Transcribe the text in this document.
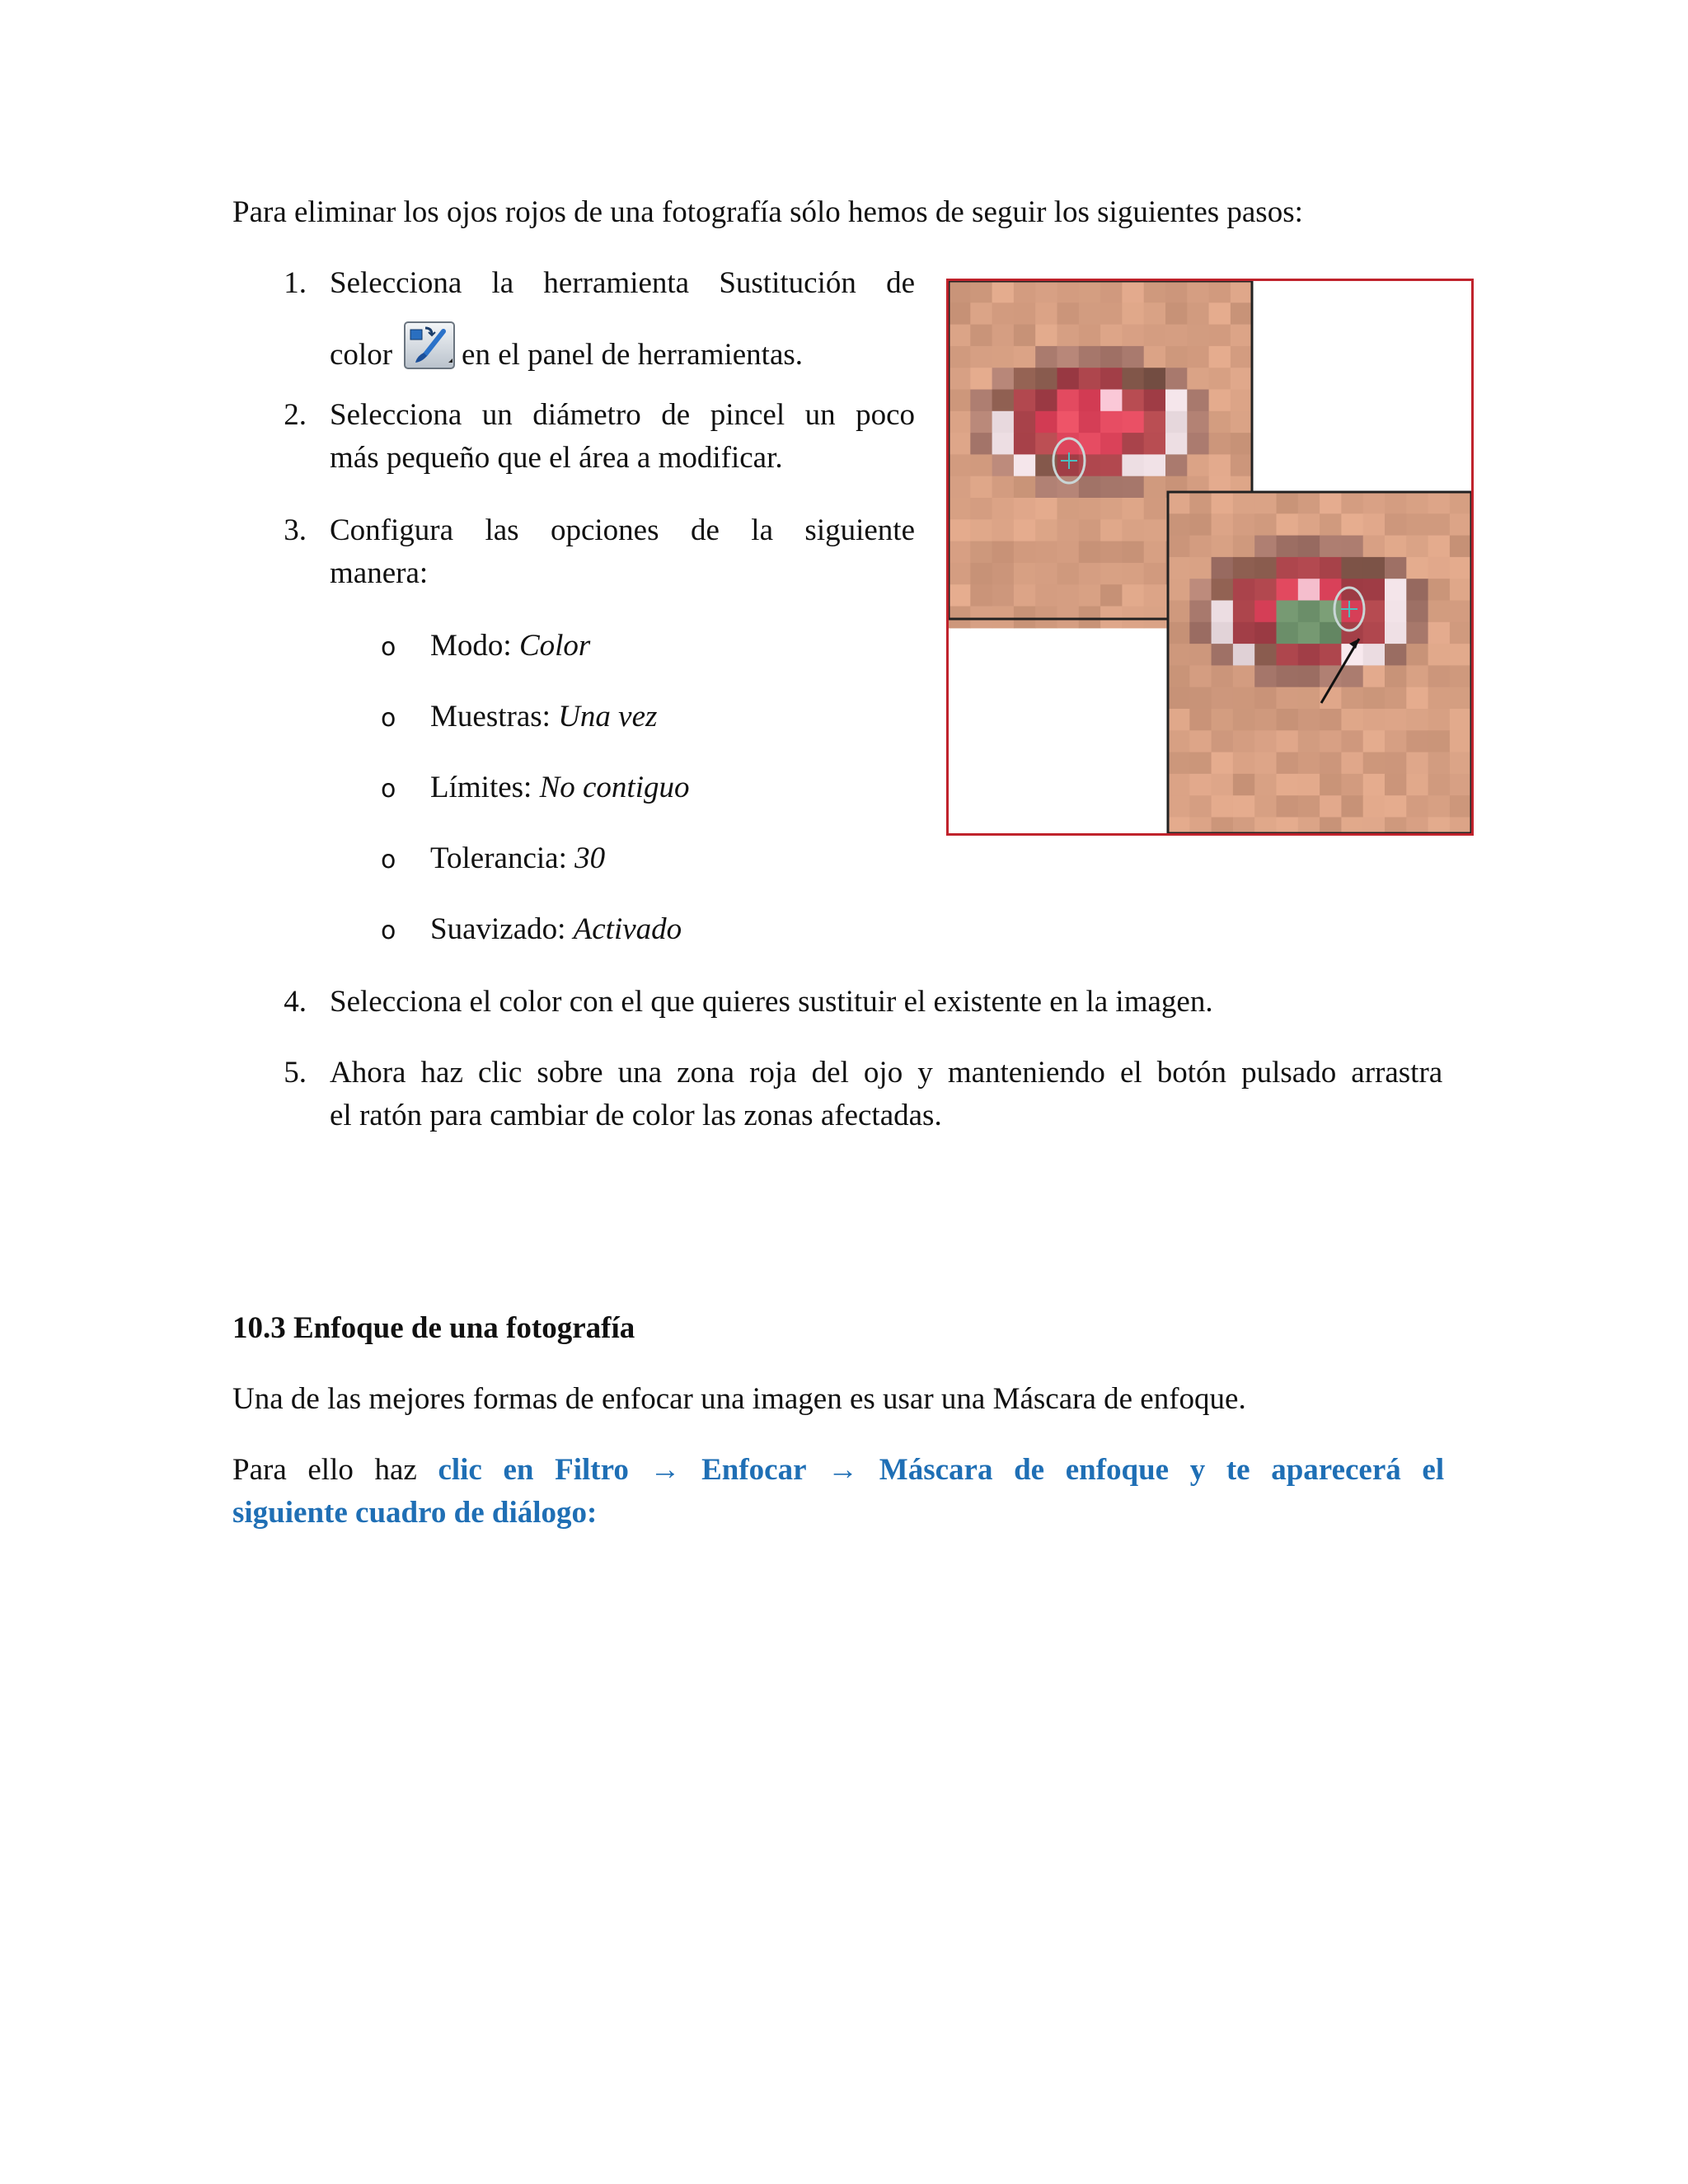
Para eliminar los ojos rojos de una fotografía sólo hemos de seguir los siguientes pasos:
1. Selecciona la herramienta Sustitución de
color en el panel de herramientas.
2. Selecciona un diámetro de pincel un poco
más pequeño que el área a modificar.
3. Configura las opciones de la siguiente
manera:
o Modo: Color
o Muestras: Una vez
o Límites: No contiguo
o Tolerancia: 30
o Suavizado: Activado
4. Selecciona el color con el que quieres sustituir el existente en la imagen.
5. Ahora haz clic sobre una zona roja del ojo y manteniendo el botón pulsado arrastra
el ratón para cambiar de color las zonas afectadas.
10.3 Enfoque de una fotografía
Una de las mejores formas de enfocar una imagen es usar una Máscara de enfoque.
Para ello haz clic en Filtro → Enfocar → Máscara de enfoque y te aparecerá el
siguiente cuadro de diálogo:
